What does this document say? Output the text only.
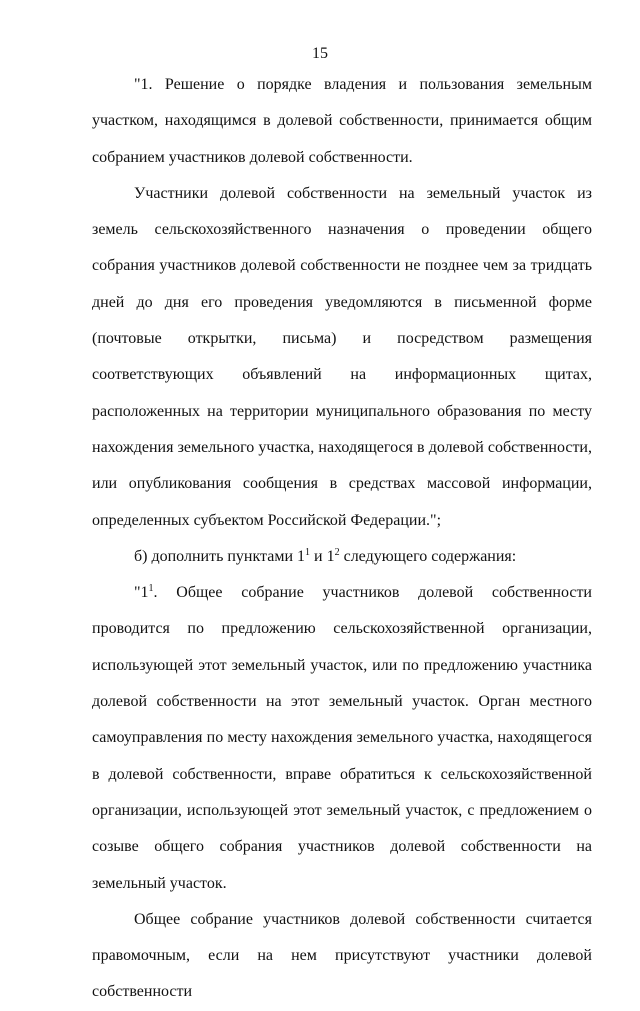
15

"1. Решение о порядке владения и пользования земельным участком, находящимся в долевой собственности, принимается общим собранием участников долевой собственности.

Участники долевой собственности на земельный участок из земель сельскохозяйственного назначения о проведении общего собрания участников долевой собственности не позднее чем за тридцать дней до дня его проведения уведомляются в письменной форме (почтовые открытки, письма) и посредством размещения соответствующих объявлений на информационных щитах, расположенных на территории муниципального образования по месту нахождения земельного участка, находящегося в долевой собственности, или опубликования сообщения в средствах массовой информации, определенных субъектом Российской Федерации.";

б) дополнить пунктами $1^1$ и $1^2$ следующего содержания:

"$1^1$. Общее собрание участников долевой собственности проводится по предложению сельскохозяйственной организации, использующей этот земельный участок, или по предложению участника долевой собственности на этот земельный участок. Орган местного самоуправления по месту нахождения земельного участка, находящегося в долевой собственности, вправе обратиться к сельскохозяйственной организации, использующей этот земельный участок, с предложением о созыве общего собрания участников долевой собственности на земельный участок.

Общее собрание участников долевой собственности считается правомочным, если на нем присутствуют участники долевой собственности
